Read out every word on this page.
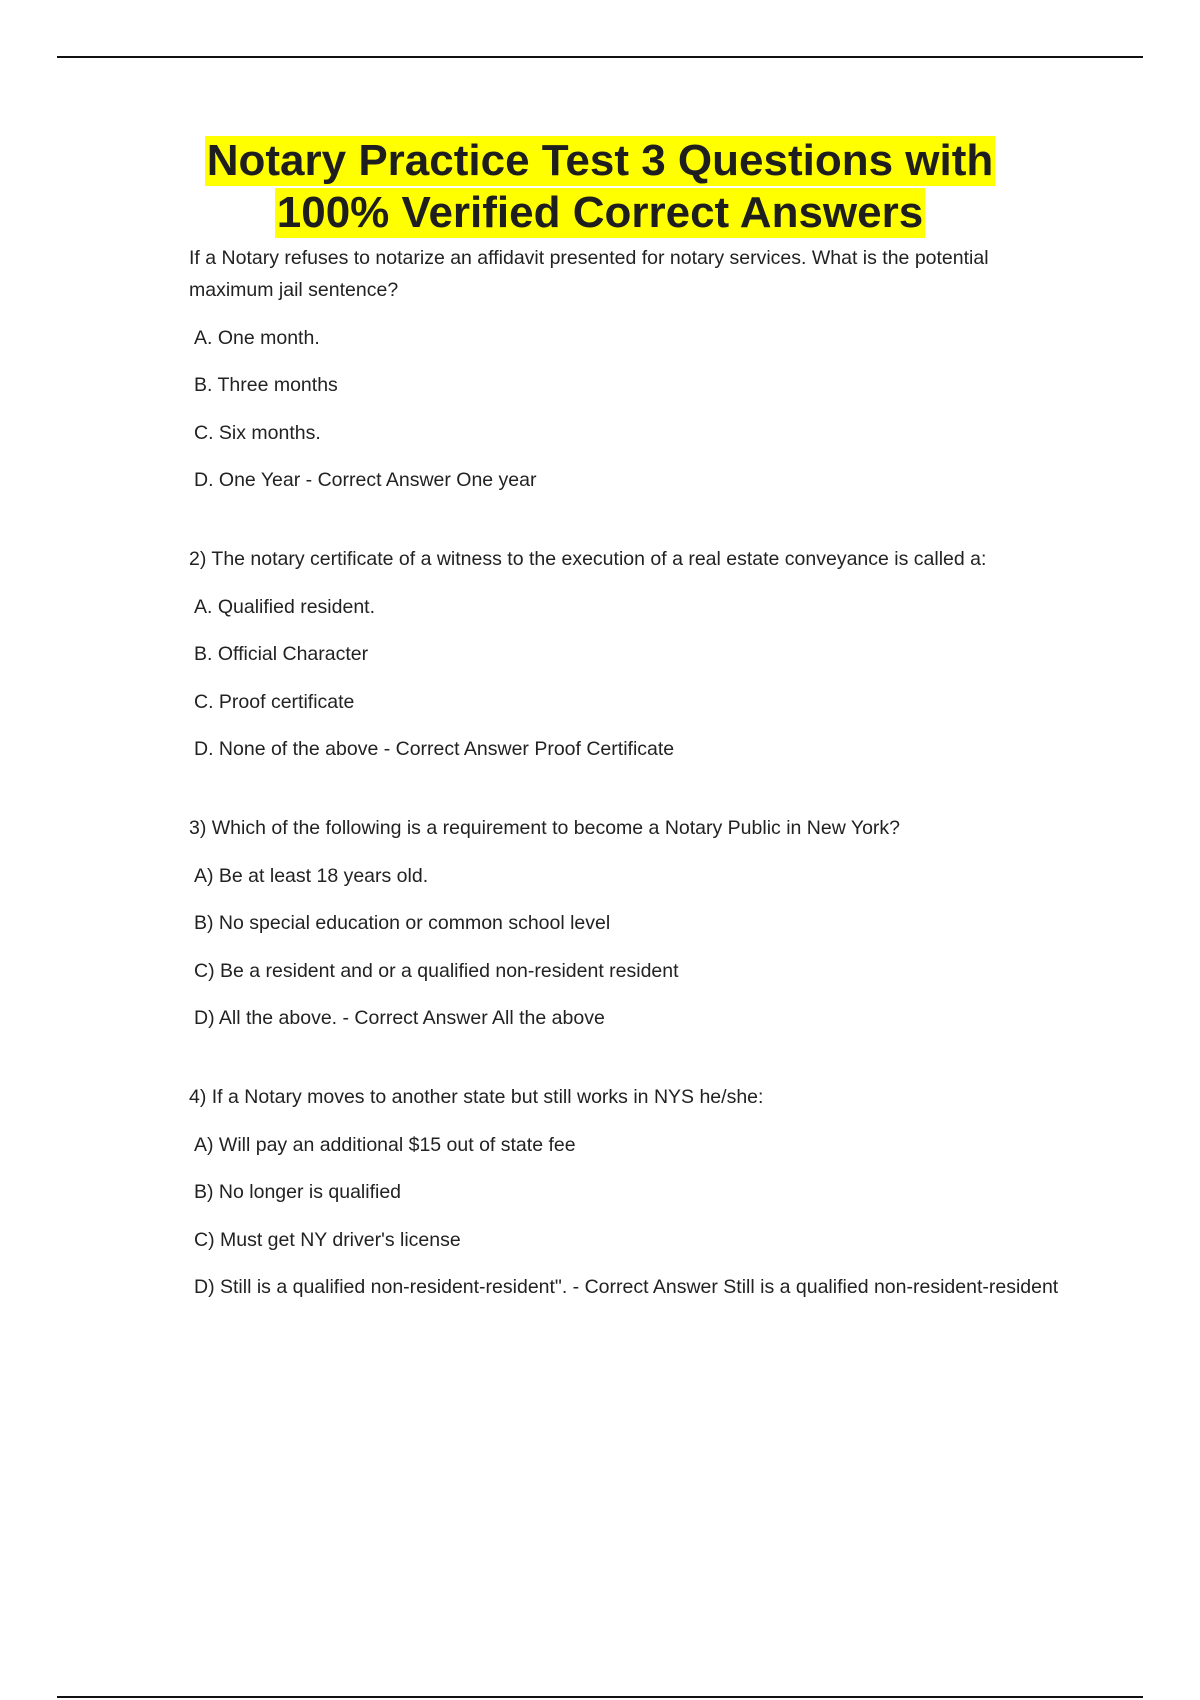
Notary Practice Test 3 Questions with
100% Verified Correct Answers

If a Notary refuses to notarize an affidavit presented for notary services. What is the potential maximum jail sentence?

A. One month.

B. Three months

C. Six months.

D. One Year - Correct Answer One year

2) The notary certificate of a witness to the execution of a real estate conveyance is called a:

A. Qualified resident.

B. Official Character

C. Proof certificate

D. None of the above - Correct Answer Proof Certificate

3) Which of the following is a requirement to become a Notary Public in New York?

A) Be at least 18 years old.

B) No special education or common school level

C) Be a resident and or a qualified non-resident resident

D) All the above. - Correct Answer All the above

4) If a Notary moves to another state but still works in NYS he/she:

A) Will pay an additional $15 out of state fee

B) No longer is qualified

C) Must get NY driver's license

D) Still is a qualified non-resident-resident". - Correct Answer Still is a qualified non-resident-resident
